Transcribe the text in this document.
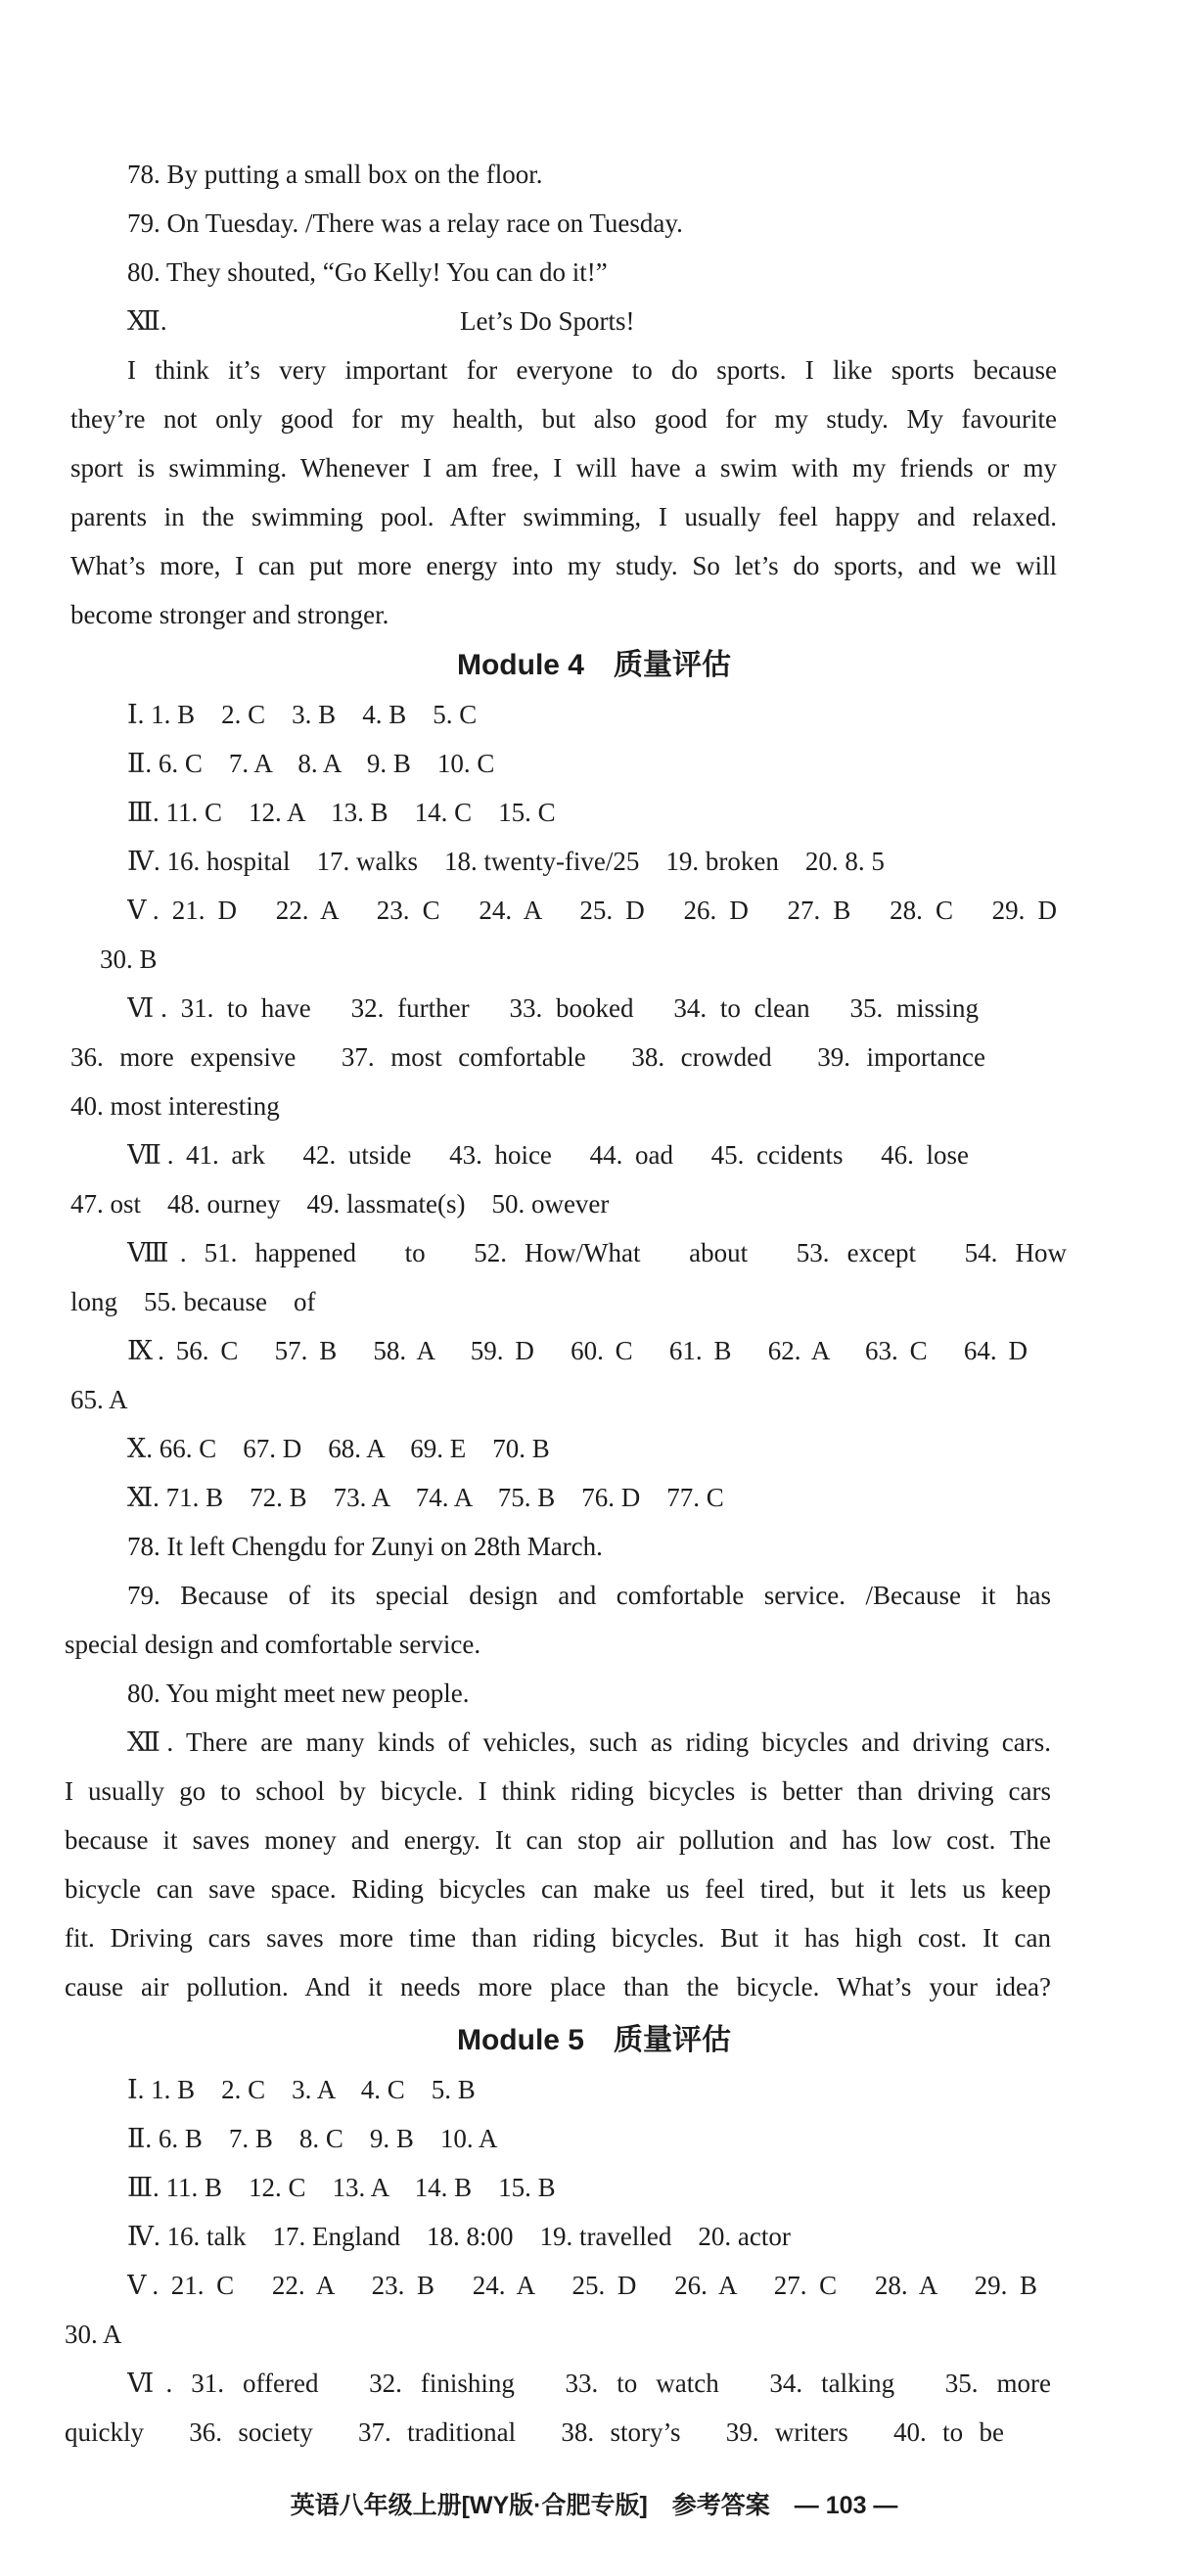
78. By putting a small box on the floor.
79. On Tuesday. /There was a relay race on Tuesday.
80. They shouted, “Go Kelly! You can do it!”
Ⅻ.	Let’s Do Sports!
I think it’s very important for everyone to do sports. I like sports because
they’re not only good for my health, but also good for my study. My favourite
sport is swimming. Whenever I am free, I will have a swim with my friends or my
parents in the swimming pool. After swimming, I usually feel happy and relaxed.
What’s more, I can put more energy into my study. So let’s do sports, and we will
become stronger and stronger.
Module 4　质量评估
Ⅰ. 1. B　2. C　3. B　4. B　5. C
Ⅱ. 6. C　7. A　8. A　9. B　10. C
Ⅲ. 11. C　12. A　13. B　14. C　15. C
Ⅳ. 16. hospital　17. walks　18. twenty-five/25　19. broken　20. 8. 5
Ⅴ. 21. D　22. A　23. C　24. A　25. D　26. D　27. B　28. C　29. D
30. B
Ⅵ. 31. to have　32. further　33. booked　34. to clean　35. missing
36. more expensive　37. most comfortable　38. crowded　39. importance
40. most interesting
Ⅶ. 41. ark　42. utside　43. hoice　44. oad　45. ccidents　46. lose
47. ost　48. ourney　49. lassmate(s)　50. owever
Ⅷ. 51. happened　to　52. How/What　about　53. except　54. How
long　55. because　of
Ⅸ. 56. C　57. B　58. A　59. D　60. C　61. B　62. A　63. C　64. D
65. A
Ⅹ. 66. C　67. D　68. A　69. E　70. B
Ⅺ. 71. B　72. B　73. A　74. A　75. B　76. D　77. C
78. It left Chengdu for Zunyi on 28th March.
79. Because of its special design and comfortable service. /Because it has
special design and comfortable service.
80. You might meet new people.
Ⅻ. There are many kinds of vehicles, such as riding bicycles and driving cars.
I usually go to school by bicycle. I think riding bicycles is better than driving cars
because it saves money and energy. It can stop air pollution and has low cost. The
bicycle can save space. Riding bicycles can make us feel tired, but it lets us keep
fit. Driving cars saves more time than riding bicycles. But it has high cost. It can
cause air pollution. And it needs more place than the bicycle. What’s your idea?
Module 5　质量评估
Ⅰ. 1. B　2. C　3. A　4. C　5. B
Ⅱ. 6. B　7. B　8. C　9. B　10. A
Ⅲ. 11. B　12. C　13. A　14. B　15. B
Ⅳ. 16. talk　17. England　18. 8:00　19. travelled　20. actor
Ⅴ. 21. C　22. A　23. B　24. A　25. D　26. A　27. C　28. A　29. B
30. A
Ⅵ. 31. offered　32. finishing　33. to watch　34. talking　35. more
quickly　36. society　37. traditional　38. story’s　39. writers　40. to be
英语八年级上册[WY版·合肥专版]　参考答案　— 103 —
